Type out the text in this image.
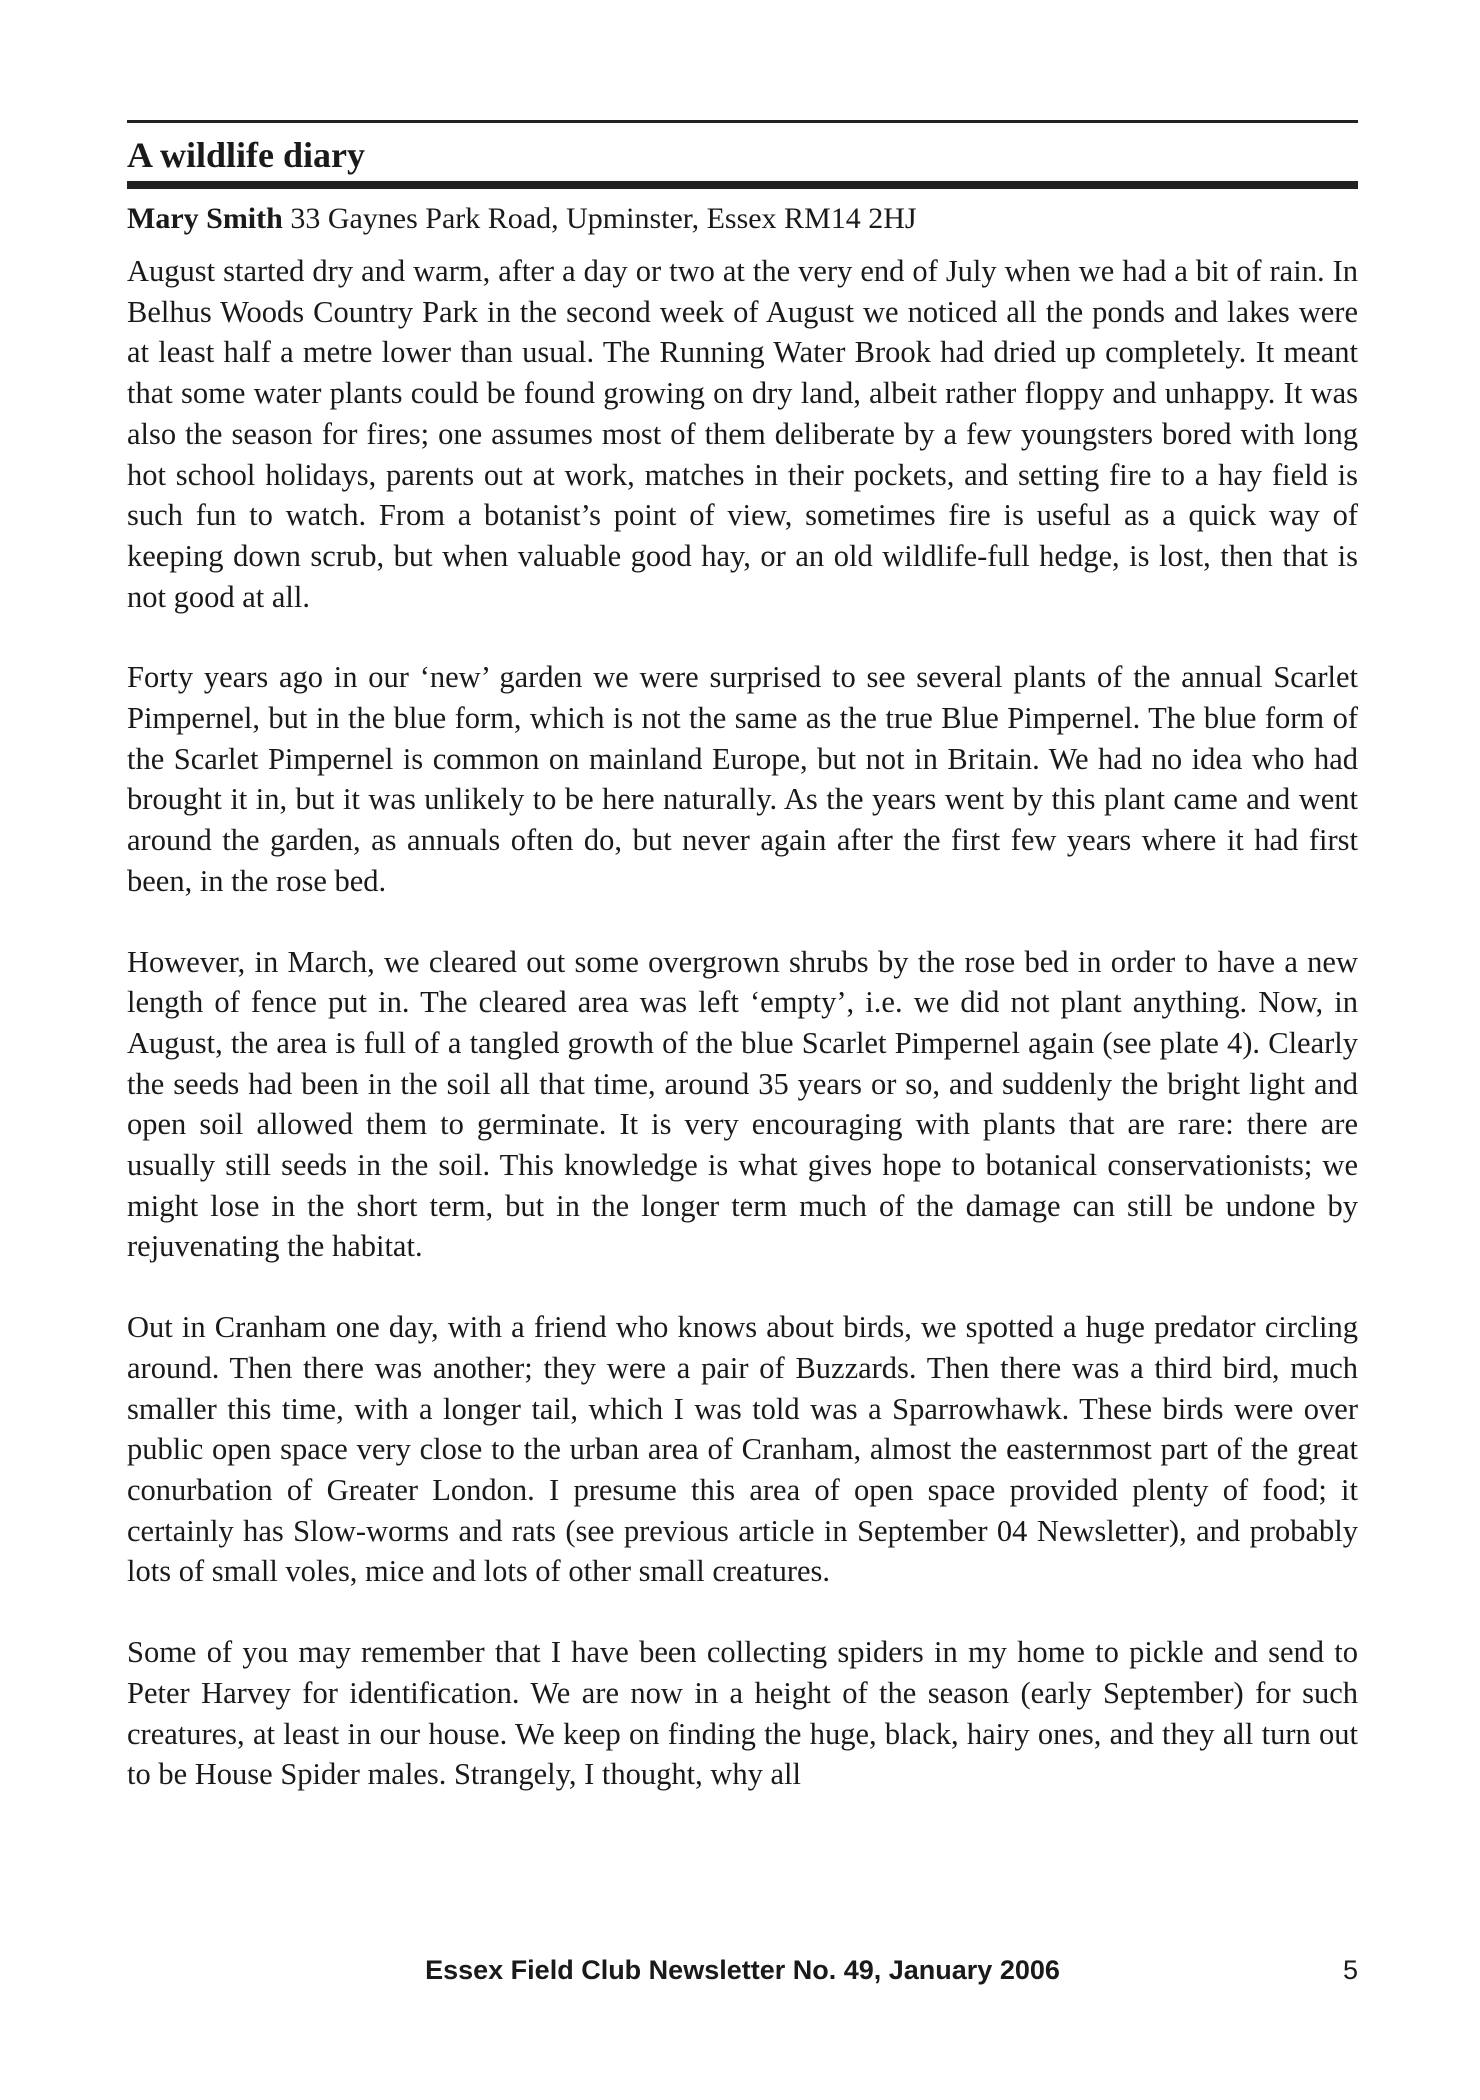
A wildlife diary
Mary Smith 33 Gaynes Park Road, Upminster, Essex RM14 2HJ

August started dry and warm, after a day or two at the very end of July when we had a bit of rain. In Belhus Woods Country Park in the second week of August we noticed all the ponds and lakes were at least half a metre lower than usual. The Running Water Brook had dried up completely. It meant that some water plants could be found growing on dry land, albeit rather floppy and unhappy. It was also the season for fires; one assumes most of them deliberate by a few youngsters bored with long hot school holidays, parents out at work, matches in their pockets, and setting fire to a hay field is such fun to watch. From a botanist’s point of view, sometimes fire is useful as a quick way of keeping down scrub, but when valuable good hay, or an old wildlife-full hedge, is lost, then that is not good at all.

Forty years ago in our ‘new’ garden we were surprised to see several plants of the annual Scarlet Pimpernel, but in the blue form, which is not the same as the true Blue Pimpernel. The blue form of the Scarlet Pimpernel is common on mainland Europe, but not in Britain. We had no idea who had brought it in, but it was unlikely to be here naturally. As the years went by this plant came and went around the garden, as annuals often do, but never again after the first few years where it had first been, in the rose bed.

However, in March, we cleared out some overgrown shrubs by the rose bed in order to have a new length of fence put in. The cleared area was left ‘empty’, i.e. we did not plant anything. Now, in August, the area is full of a tangled growth of the blue Scarlet Pimpernel again (see plate 4). Clearly the seeds had been in the soil all that time, around 35 years or so, and suddenly the bright light and open soil allowed them to germinate. It is very encouraging with plants that are rare: there are usually still seeds in the soil. This knowledge is what gives hope to botanical conservationists; we might lose in the short term, but in the longer term much of the damage can still be undone by rejuvenating the habitat.

Out in Cranham one day, with a friend who knows about birds, we spotted a huge predator circling around. Then there was another; they were a pair of Buzzards. Then there was a third bird, much smaller this time, with a longer tail, which I was told was a Sparrowhawk. These birds were over public open space very close to the urban area of Cranham, almost the easternmost part of the great conurbation of Greater London. I presume this area of open space provided plenty of food; it certainly has Slow-worms and rats (see previous article in September 04 Newsletter), and probably lots of small voles, mice and lots of other small creatures.

Some of you may remember that I have been collecting spiders in my home to pickle and send to Peter Harvey for identification. We are now in a height of the season (early September) for such creatures, at least in our house. We keep on finding the huge, black, hairy ones, and they all turn out to be House Spider males. Strangely, I thought, why all

Essex Field Club Newsletter No. 49, January 2006	5
